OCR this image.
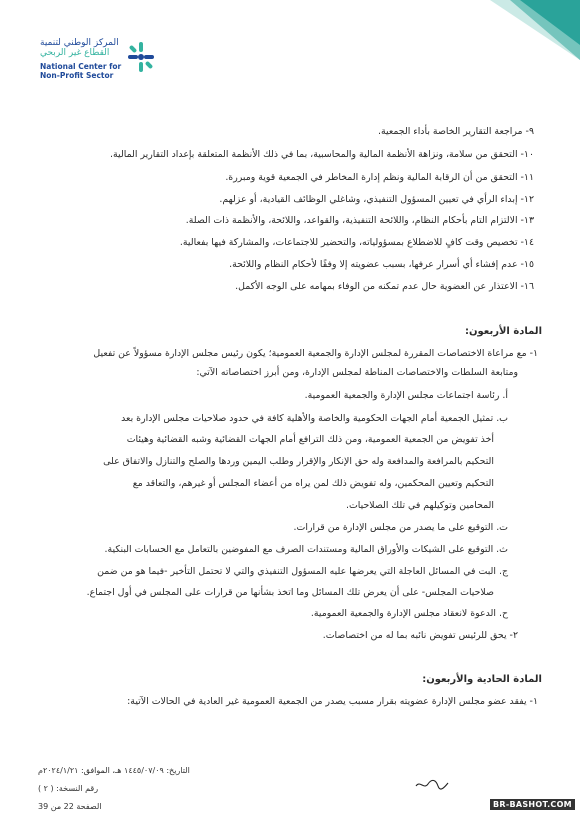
المركز الوطني لتنمية
القطاع غير الربحي
National Center for
Non-Profit Sector
٩- مراجعة التقارير الخاصة بأداء الجمعية.
١٠- التحقق من سلامة، ونزاهة الأنظمة المالية والمحاسبية، بما في ذلك الأنظمة المتعلقة بإعداد التقارير المالية.
١١- التحقق من أن الرقابة المالية ونظم إدارة المخاطر في الجمعية قوية ومبررة.
١٢- إبداء الرأي في تعيين المسؤول التنفيذي، وشاغلي الوظائف القيادية، أو عزلهم.
١٣- الالتزام التام بأحكام النظام، واللائحة التنفيذية، والقواعد، واللائحة، والأنظمة ذات الصلة.
١٤- تخصيص وقت كافٍ للاضطلاع بمسؤولياته، والتحضير للاجتماعات، والمشاركة فيها بفعالية.
١٥- عدم إفشاء أي أسرار عرفها، بسبب عضويته إلا وفقًا لأحكام النظام واللائحة.
١٦- الاعتذار عن العضوية حال عدم تمكنه من الوفاء بمهامه على الوجه الأكمل.
المادة الأربعون:
١- مع مراعاة الاختصاصات المقررة لمجلس الإدارة والجمعية العمومية؛ يكون رئيس مجلس الإدارة مسؤولاً عن تفعيل
ومتابعة السلطات والاختصاصات المناطة لمجلس الإدارة، ومن أبرز اختصاصاته الآتي:
أ. رئاسة اجتماعات مجلس الإدارة والجمعية العمومية.
ب. تمثيل الجمعية أمام الجهات الحكومية والخاصة والأهلية كافة في حدود صلاحيات مجلس الإدارة بعد
أخذ تفويض من الجمعية العمومية، ومن ذلك الترافع أمام الجهات القضائية وشبه القضائية وهيئات
التحكيم بالمرافعة والمدافعة وله حق الإنكار والإقرار وطلب اليمين وردها والصلح والتنازل والاتفاق على
التحكيم وتعيين المحكمين، وله تفويض ذلك لمن يراه من أعضاء المجلس أو غيرهم، والتعاقد مع
المحامين وتوكيلهم في تلك الصلاحيات.
ت. التوقيع على ما يصدر من مجلس الإدارة من قرارات.
ث. التوقيع على الشيكات والأوراق المالية ومستندات الصرف مع المفوضين بالتعامل مع الحسابات البنكية.
ج. البت في المسائل العاجلة التي يعرضها عليه المسؤول التنفيذي والتي لا تحتمل التأخير -فيما هو من ضمن
صلاحيات المجلس- على أن يعرض تلك المسائل وما اتخذ بشأنها من قرارات على المجلس في أول اجتماع.
ح. الدعوة لانعقاد مجلس الإدارة والجمعية العمومية.
٢- يحق للرئيس تفويض نائبه بما له من اختصاصات.
المادة الحادية والأربعون:
١- يفقد عضو مجلس الإدارة عضويته بقرار مسبب يصدر من الجمعية العمومية غير العادية في الحالات الآتية:
التاريخ: ١٤٤٥/٠٧/٠٩ هـ، الموافق: ٢٠٢٤/١/٢١م
رقم النسخة: ( ٢ )
الصفحة 22 من 39	BR-BASHOT.COM
